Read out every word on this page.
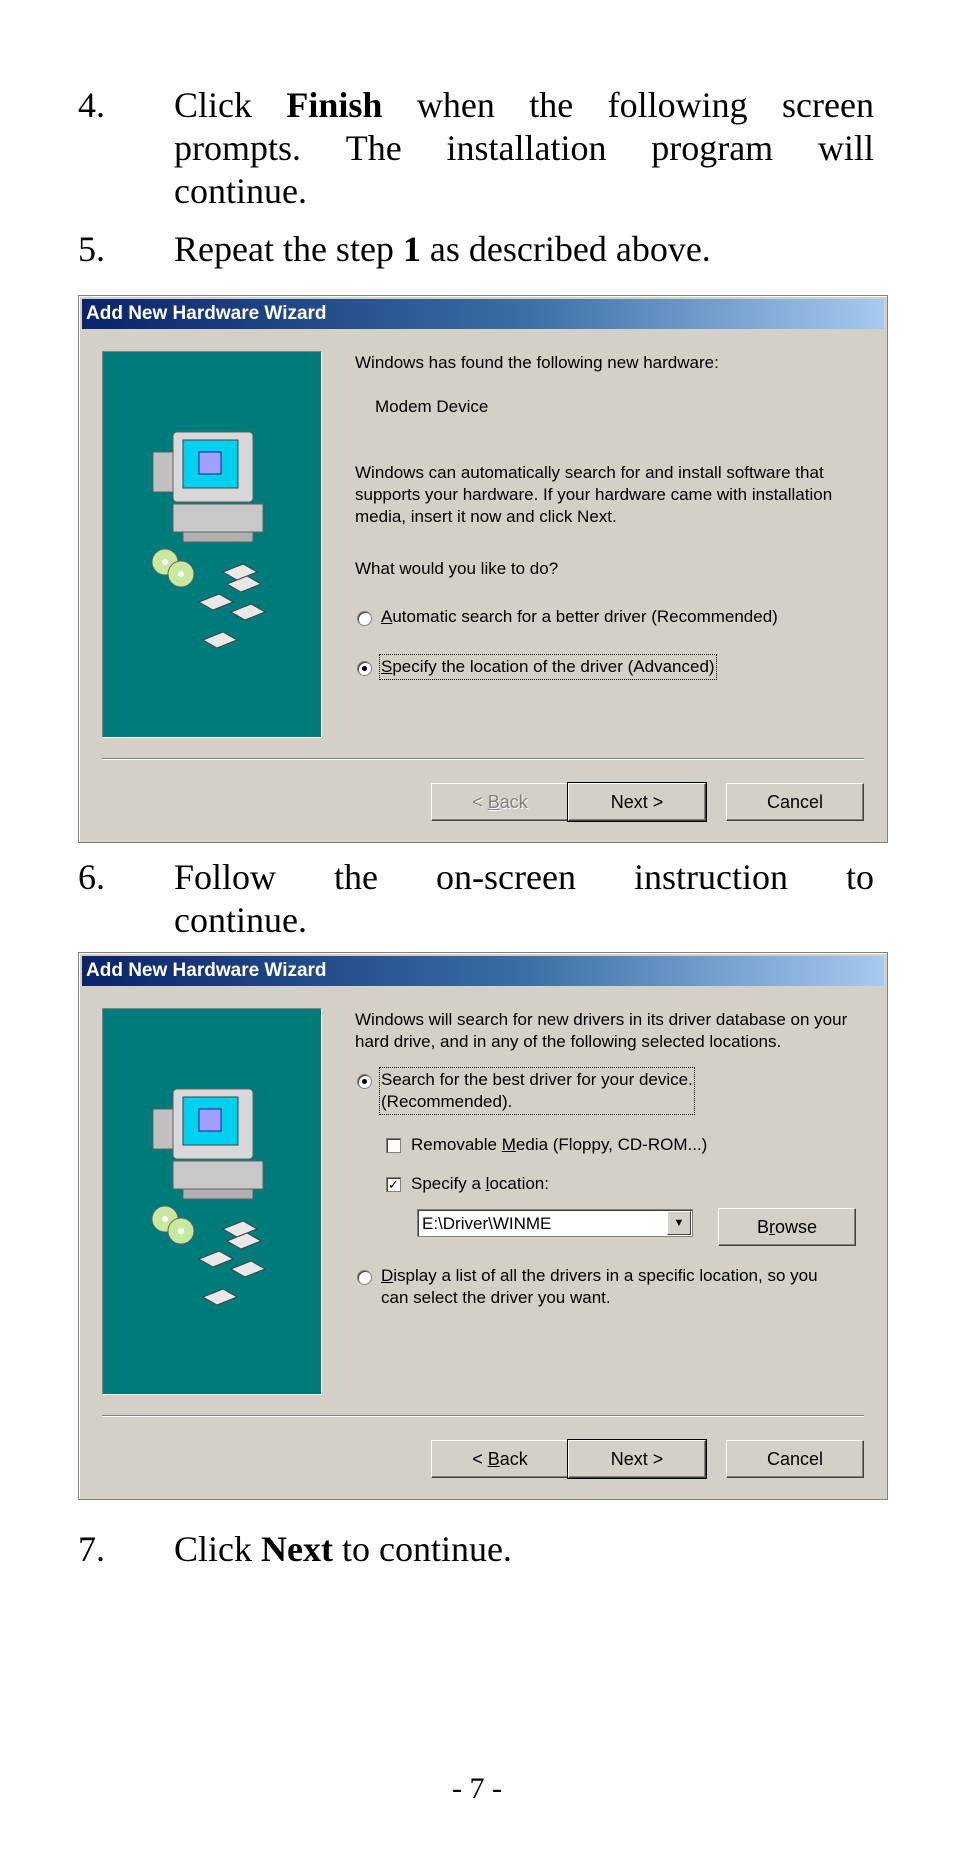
4.	Click Finish when the following screen
prompts. The installation program will
continue.
5.	Repeat the step 1 as described above.
Add New Hardware Wizard
Windows has found the following new hardware:
Modem Device
Windows can automatically search for and install software that supports your hardware. If your hardware came with installation media, insert it now and click Next.
What would you like to do?
Automatic search for a better driver (Recommended)
Specify the location of the driver (Advanced)
< Back	Next >	Cancel
6.	Follow the on-screen instruction to
continue.
Add New Hardware Wizard
Windows will search for new drivers in its driver database on your hard drive, and in any of the following selected locations.
Search for the best driver for your device.
(Recommended).
Removable Media (Floppy, CD-ROM...)
✓ Specify a location:
E:\Driver\WINME	▼	Browse
Display a list of all the drivers in a specific location, so you
can select the driver you want.
< Back	Next >	Cancel
7.	Click Next to continue.
- 7 -
